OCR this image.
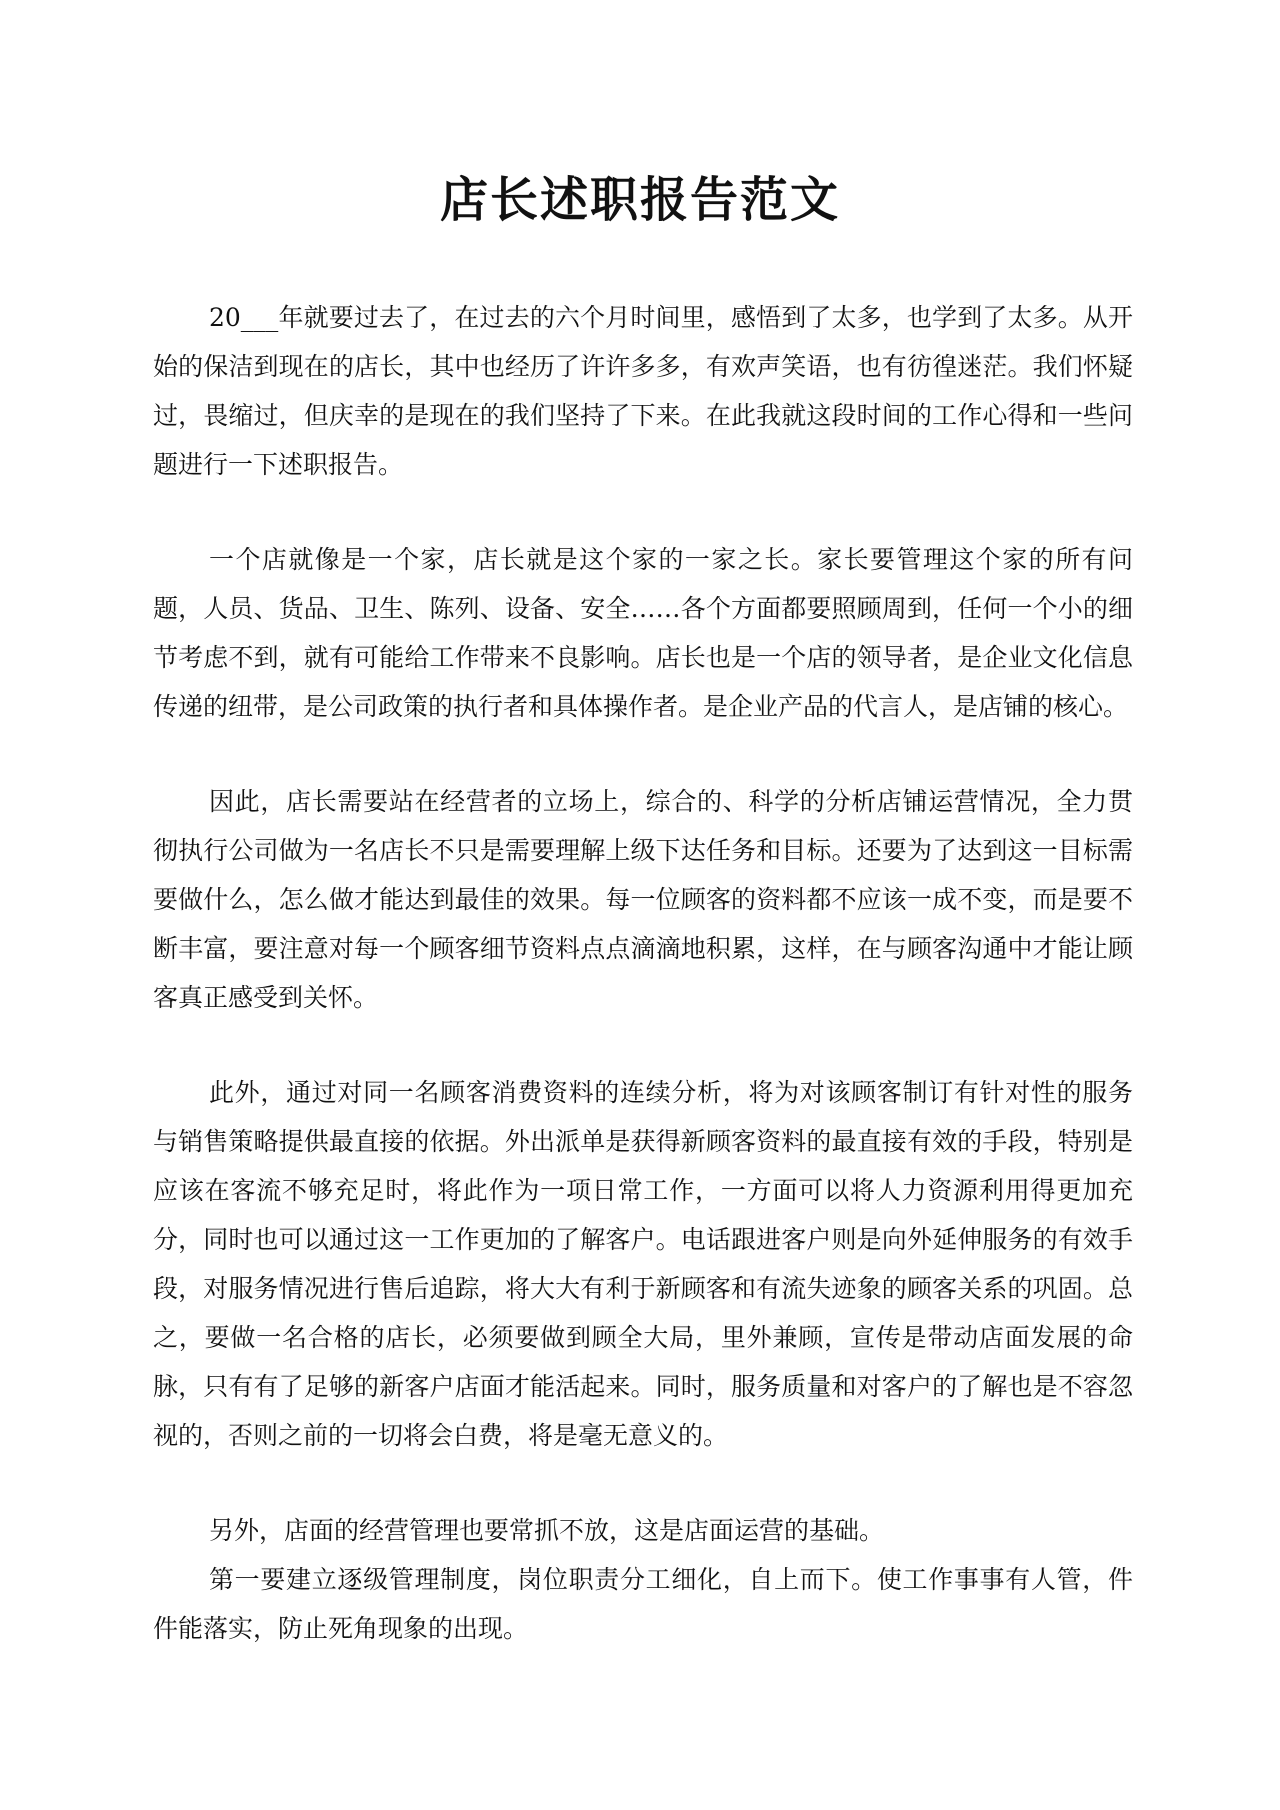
店长述职报告范文

20___年就要过去了，在过去的六个月时间里，感悟到了太多，也学到了太多。从开始的保洁到现在的店长，其中也经历了许许多多，有欢声笑语，也有彷徨迷茫。我们怀疑过，畏缩过，但庆幸的是现在的我们坚持了下来。在此我就这段时间的工作心得和一些问题进行一下述职报告。

一个店就像是一个家，店长就是这个家的一家之长。家长要管理这个家的所有问题，人员、货品、卫生、陈列、设备、安全……各个方面都要照顾周到，任何一个小的细节考虑不到，就有可能给工作带来不良影响。店长也是一个店的领导者，是企业文化信息传递的纽带，是公司政策的执行者和具体操作者。是企业产品的代言人，是店铺的核心。

因此，店长需要站在经营者的立场上，综合的、科学的分析店铺运营情况，全力贯彻执行公司做为一名店长不只是需要理解上级下达任务和目标。还要为了达到这一目标需要做什么，怎么做才能达到最佳的效果。每一位顾客的资料都不应该一成不变，而是要不断丰富，要注意对每一个顾客细节资料点点滴滴地积累，这样，在与顾客沟通中才能让顾客真正感受到关怀。

此外，通过对同一名顾客消费资料的连续分析，将为对该顾客制订有针对性的服务与销售策略提供最直接的依据。外出派单是获得新顾客资料的最直接有效的手段，特别是应该在客流不够充足时，将此作为一项日常工作，一方面可以将人力资源利用得更加充分，同时也可以通过这一工作更加的了解客户。电话跟进客户则是向外延伸服务的有效手段，对服务情况进行售后追踪，将大大有利于新顾客和有流失迹象的顾客关系的巩固。总之，要做一名合格的店长，必须要做到顾全大局，里外兼顾，宣传是带动店面发展的命脉，只有有了足够的新客户店面才能活起来。同时，服务质量和对客户的了解也是不容忽视的，否则之前的一切将会白费，将是毫无意义的。

另外，店面的经营管理也要常抓不放，这是店面运营的基础。

第一要建立逐级管理制度，岗位职责分工细化，自上而下。使工作事事有人管，件件能落实，防止死角现象的出现。
